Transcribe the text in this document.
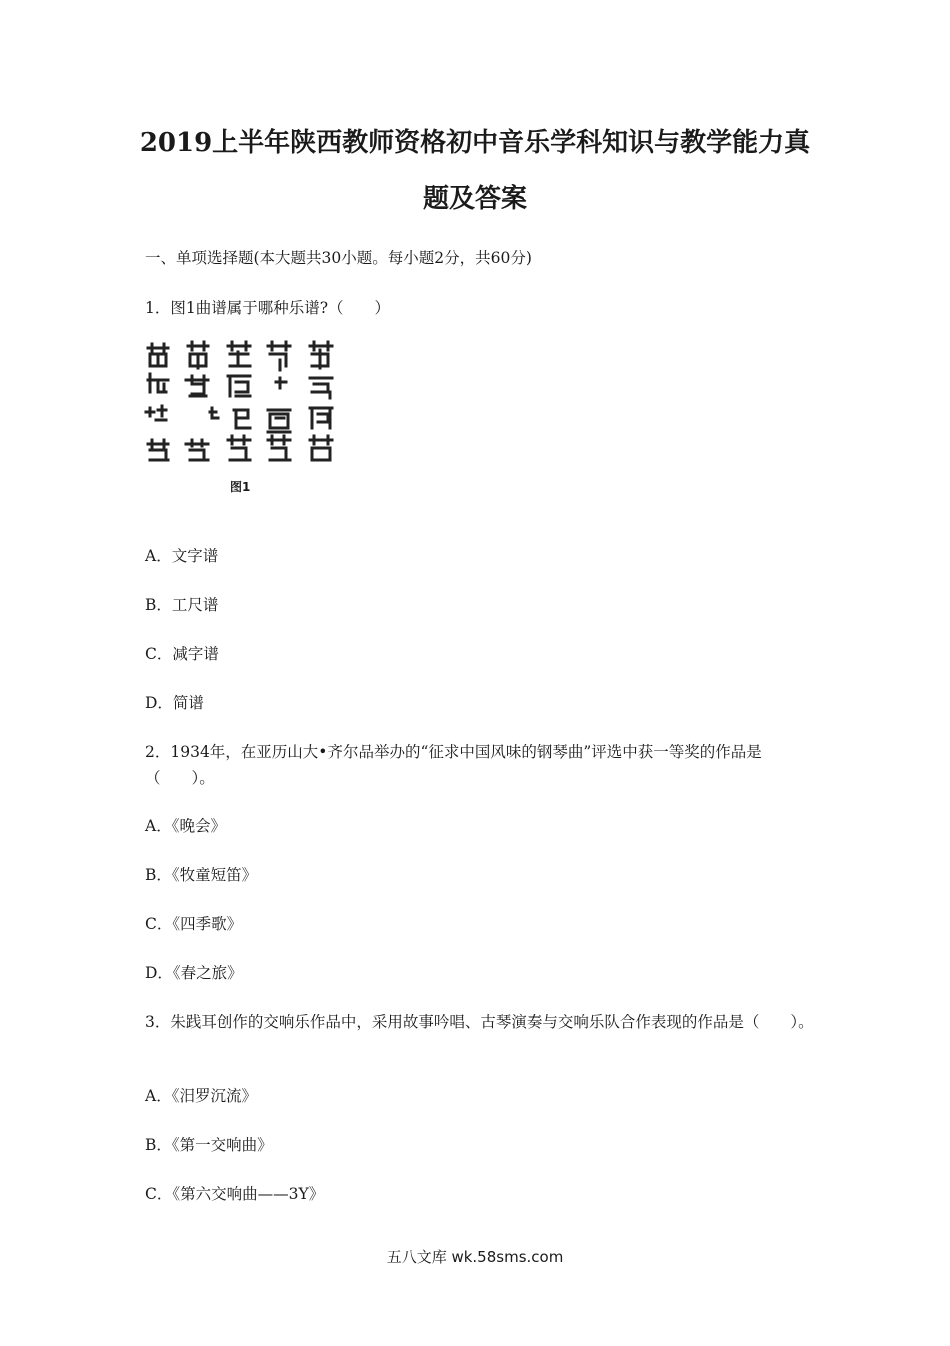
2019上半年陕西教师资格初中音乐学科知识与教学能力真
题及答案
一、单项选择题(本大题共30小题。每小题2分，共60分)
1．图1曲谱属于哪种乐谱?（　　）
图1
A．文字谱
B．工尺谱
C．减字谱
D．简谱
2．1934年，在亚历山大•齐尔品举办的“征求中国风味的钢琴曲”评选中获一等奖的作品是（　　）。
A．《晚会》
B．《牧童短笛》
C．《四季歌》
D．《春之旅》
3．朱践耳创作的交响乐作品中，采用故事吟唱、古琴演奏与交响乐队合作表现的作品是（　　）。
A．《汨罗沉流》
B．《第一交响曲》
C．《第六交响曲——3Y》
五八文库 wk.58sms.com
